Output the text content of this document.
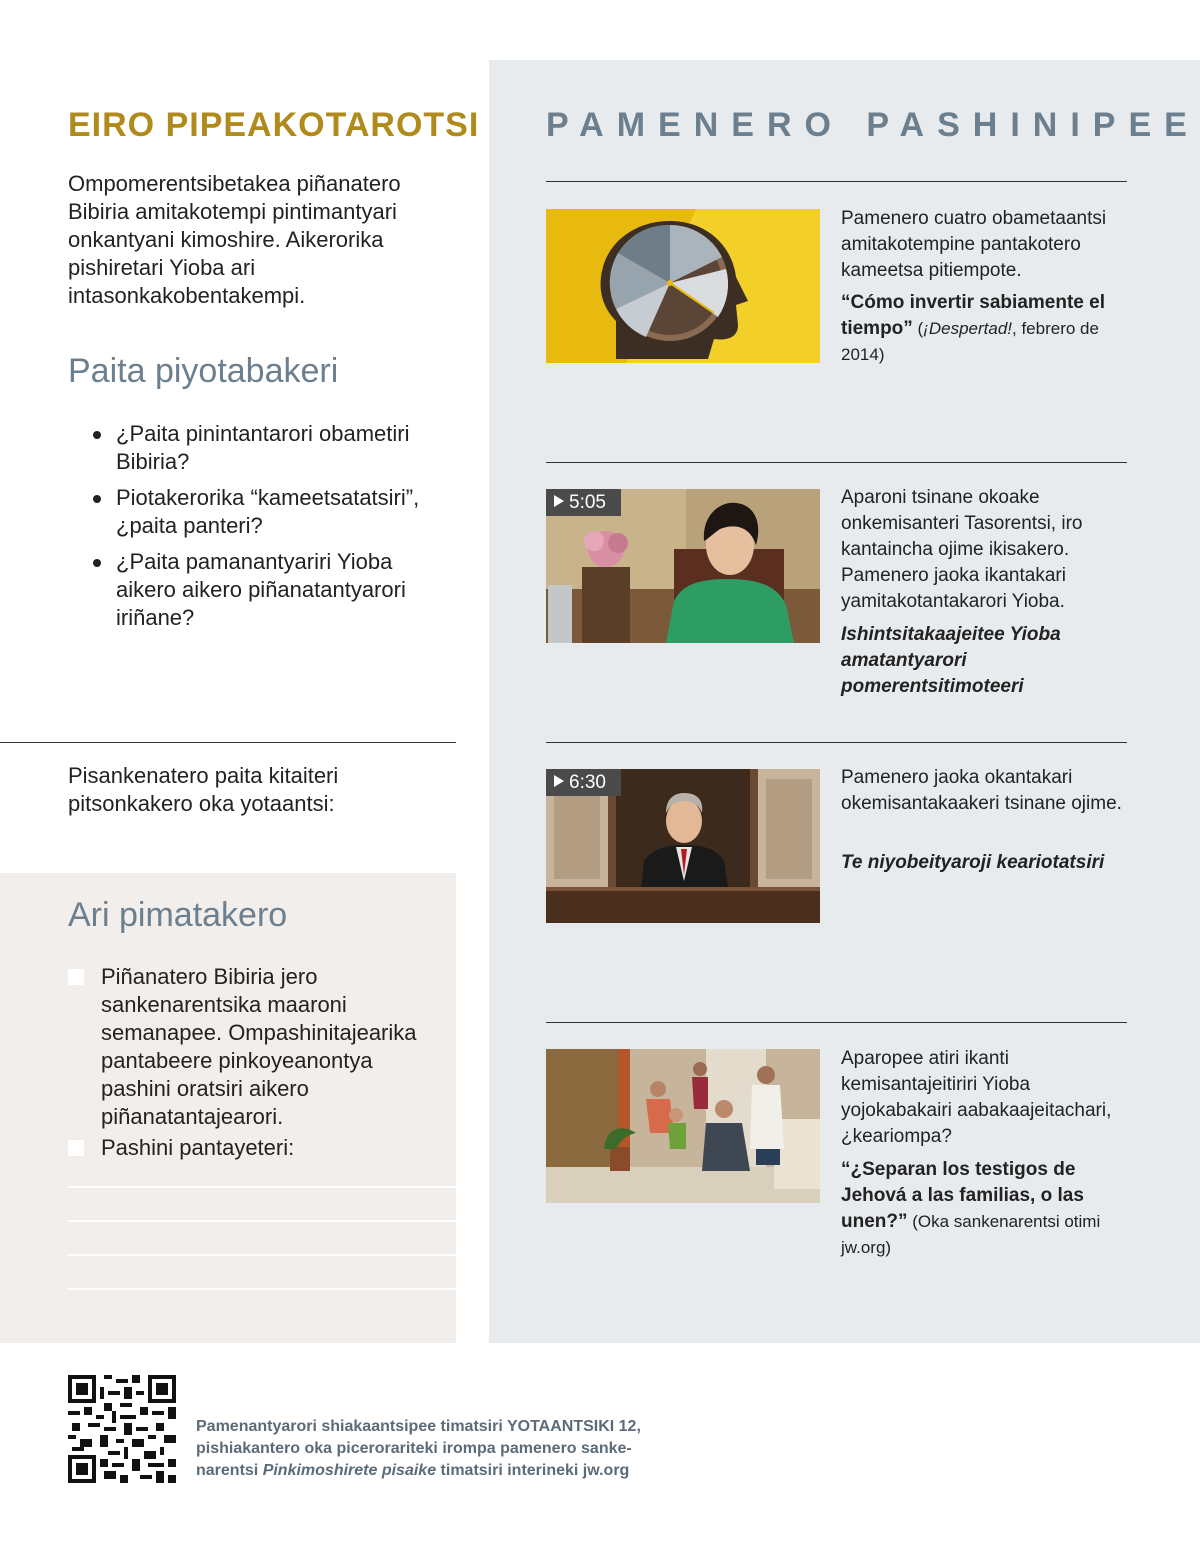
EIRO PIPEAKOTAROTSI
Ompomerentsibetakea piñanatero Bibiria amitakotempi pintimantyari onkantyani kimoshire. Aikerorika pishiretari Yioba ari intasonkakobentakempi.
Paita piyotabakeri
¿Paita pinintantarori obametiri Bibiria?
Piotakerorika “kameetsatatsiri”, ¿paita panteri?
¿Paita pamanantyariri Yioba aikero aikero piñanatantyarori iriñane?
Pisankenatero paita kitaiteri pitsonkakero oka yotaantsi:
Ari pimatakero
Piñanatero Bibiria jero sankenarentsika maaroni semanapee. Ompashinitajearika pantabeere pinkoyeanontya pashini oratsiri aikero piñanatantajearori.
Pashini pantayeteri:
PAMENERO PASHINIPEE
Pamenero cuatro obametaantsi amitakotempine pantakotero kameetsa pitiempote.
“Cómo invertir sabiamente el tiempo” (¡Despertad!, febrero de 2014)
5:05	Aparoni tsinane okoake onkemisanteri Tasorentsi, iro kantaincha ojime ikisakero. Pamenero jaoka ikantakari yamitakotantakarori Yioba.
Ishintsitakaajeitee Yioba amatantyarori pomerentsitimoteeri
6:30	Pamenero jaoka okantakari okemisantakaakeri tsinane ojime.
Te niyobeityaroji keariotatsiri
Aparopee atiri ikanti kemisantajeitiriri Yioba yojokabakairi aabakaajeitachari, ¿keariompa?
“¿Separan los testigos de Jehová a las familias, o las unen?” (Oka sankenarentsi otimi jw.org)
Pamenantyarori shiakaantsipee timatsiri YOTAANTSIKI 12,
pishiakantero oka picerorariteki irompa pamenero sanke-
narentsi Pinkimoshirete pisaike timatsiri interineki jw.org
